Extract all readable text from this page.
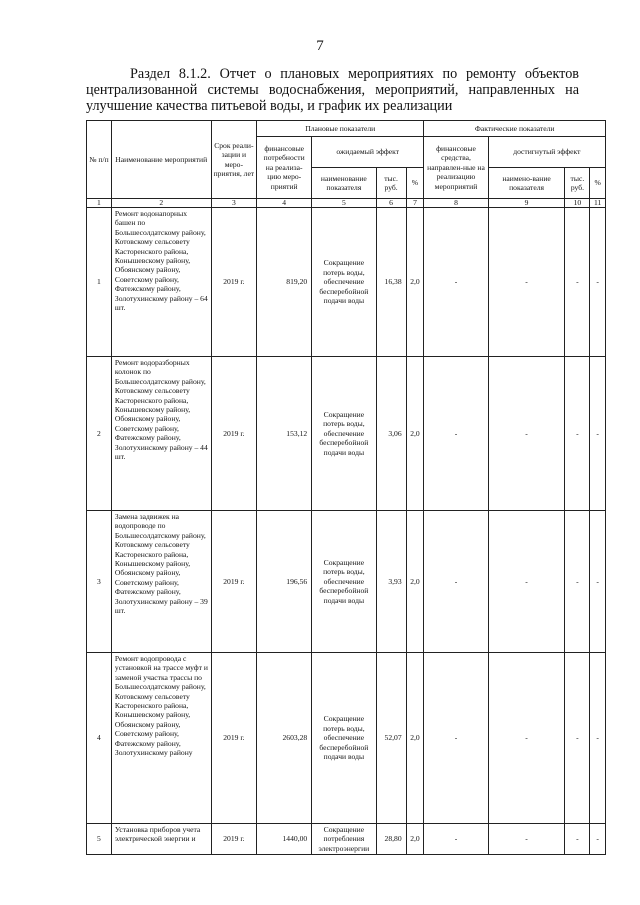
7
Раздел 8.1.2. Отчет о плановых мероприятиях по ремонту объектов
централизованной системы водоснабжения, мероприятий, направленных на
улучшение качества питьевой воды, и график их реализации
№ п/п	Наименование мероприятий	Срок реали-зации и меро-приятия, лет	Плановые показатели				Фактические показатели			
			финансовые потребности на реализа-цию меро-приятий	ожидаемый эффект			финансовые средства, направлен-ные на реализацию мероприятий	достигнутый эффект		
				наименование показателя	тыс. руб.	%		наимено-вание показателя	тыс. руб.	%
1	2	3	4	5	6	7	8	9	10	11
1	Ремонт водонапорных башен по Большесолдатскому району, Котовскому сельсовету Касторенского района, Конышевскому району, Обоянскому району, Советскому району, Фатежскому району, Золотухинскому району – 64 шт.	2019 г.	819,20	Сокращение потерь воды, обеспечение бесперебойной подачи воды	16,38	2,0	-	-	-	-
2	Ремонт водоразборных колонок по Большесолдатскому району, Котовскому сельсовету Касторенского района, Конышевскому району, Обоянскому району, Советскому району, Фатежскому району, Золотухинскому району – 44 шт.	2019 г.	153,12	Сокращение потерь воды, обеспечение бесперебойной подачи воды	3,06	2,0	-	-	-	-
3	Замена задвижек на водопроводе по Большесолдатскому району, Котовскому сельсовету Касторенского района, Конышевскому району, Обоянскому району, Советскому району, Фатежскому району, Золотухинскому району – 39 шт.	2019 г.	196,56	Сокращение потерь воды, обеспечение бесперебойной подачи воды	3,93	2,0	-	-	-	-
4	Ремонт водопровода с установкой на трассе муфт и заменой участка трассы по Большесолдатскому району, Котовскому сельсовету Касторенского района, Конышевскому району, Обоянскому району, Советскому району, Фатежскому району, Золотухинскому району	2019 г.	2603,28	Сокращение потерь воды, обеспечение бесперебойной подачи воды	52,07	2,0	-	-	-	-
5	Установка приборов учета электрической энергии и	2019 г.	1440,00	Сокращение потребления электроэнергии	28,80	2,0	-	-	-	-
